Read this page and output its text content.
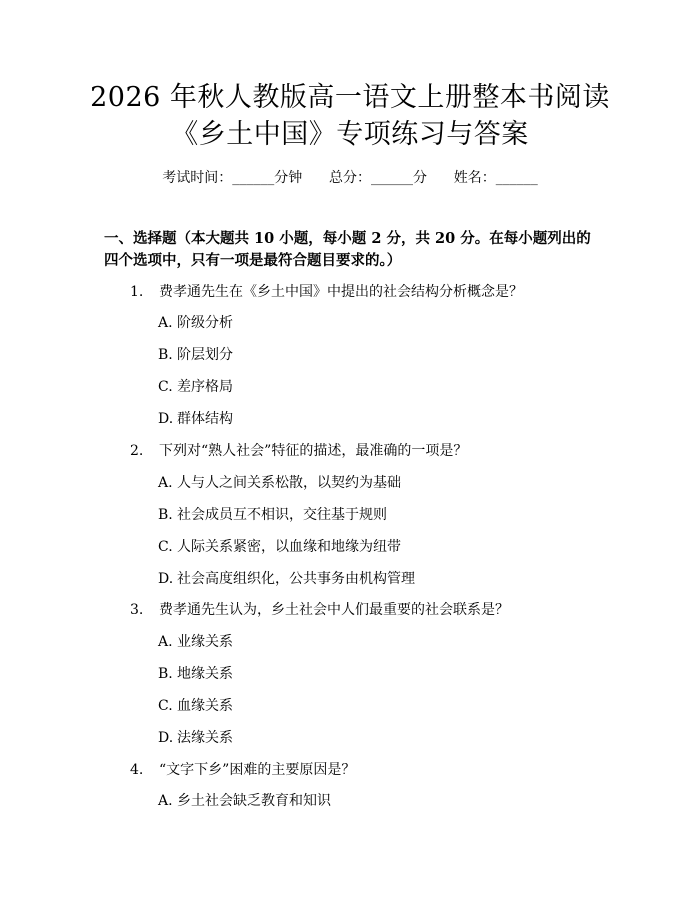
2026 年秋人教版高一语文上册整本书阅读
《乡土中国》专项练习与答案
考试时间：______分钟      总分：______分      姓名：______
一、选择题（本大题共 10 小题，每小题 2 分，共 20 分。在每小题列出的四个选项中，只有一项是最符合题目要求的。）
1. 费孝通先生在《乡土中国》中提出的社会结构分析概念是？
A. 阶级分析
B. 阶层划分
C. 差序格局
D. 群体结构
2. 下列对“熟人社会”特征的描述，最准确的一项是？
A. 人与人之间关系松散，以契约为基础
B. 社会成员互不相识，交往基于规则
C. 人际关系紧密，以血缘和地缘为纽带
D. 社会高度组织化，公共事务由机构管理
3. 费孝通先生认为，乡土社会中人们最重要的社会联系是？
A. 业缘关系
B. 地缘关系
C. 血缘关系
D. 法缘关系
4. “文字下乡”困难的主要原因是？
A. 乡土社会缺乏教育和知识
